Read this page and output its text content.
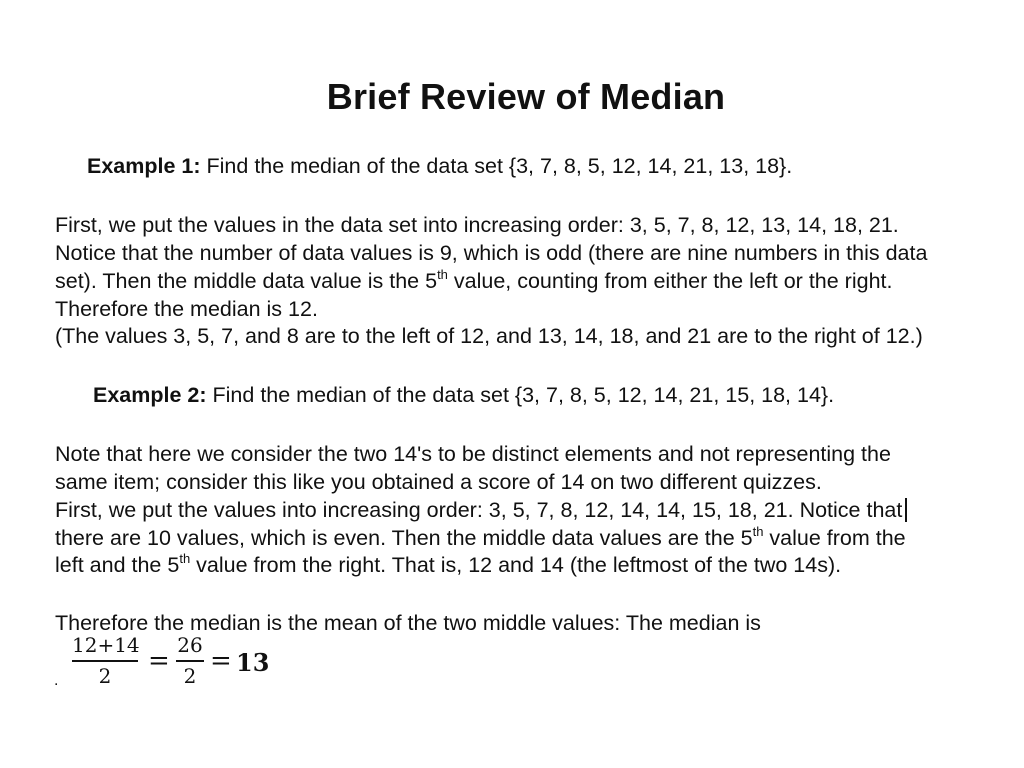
Brief Review of Median
Example 1: Find the median of the data set {3, 7, 8, 5, 12, 14, 21, 13, 18}.
First, we put the values in the data set into increasing order: 3, 5, 7, 8, 12, 13, 14, 18, 21.
Notice that the number of data values is 9, which is odd (there are nine numbers in this data
set). Then the middle data value is the 5th value, counting from either the left or the right.
Therefore the median is 12.
(The values 3, 5, 7, and 8 are to the left of 12, and 13, 14, 18, and 21 are to the right of 12.)
Example 2: Find the median of the data set {3, 7, 8, 5, 12, 14, 21, 15, 18, 14}.
Note that here we consider the two 14's to be distinct elements and not representing the
same item; consider this like you obtained a score of 14 on two different quizzes.
First, we put the values into increasing order: 3, 5, 7, 8, 12, 14, 14, 15, 18, 21. Notice that
there are 10 values, which is even. Then the middle data values are the 5th value from the
left and the 5th value from the right. That is, 12 and 14 (the leftmost of the two 14s).
Therefore the median is the mean of the two middle values: The median is
12+14
2	=
26
2 = 13
.
